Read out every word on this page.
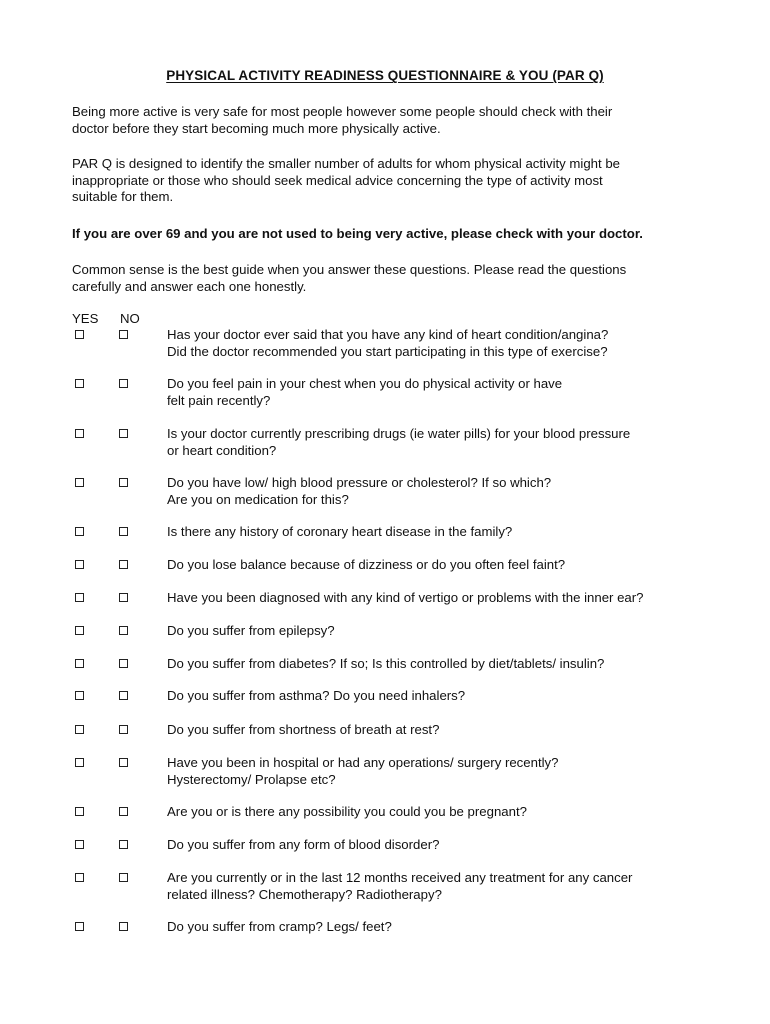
PHYSICAL ACTIVITY READINESS QUESTIONNAIRE & YOU (PAR Q)
Being more active is very safe for most people however some people should check with their
doctor before they start becoming much more physically active.
PAR Q is designed to identify the smaller number of adults for whom physical activity might be
inappropriate or those who should seek medical advice concerning the type of activity most
suitable for them.
If you are over 69 and you are not used to being very active, please check with your doctor.
Common sense is the best guide when you answer these questions. Please read the questions
carefully and answer each one honestly.
YES NO
Has your doctor ever said that you have any kind of heart condition/angina?
Did the doctor recommended you start participating in this type of exercise?
Do you feel pain in your chest when you do physical activity or have
felt pain recently?
Is your doctor currently prescribing drugs (ie water pills) for your blood pressure
or heart condition?
Do you have low/ high blood pressure or cholesterol? If so which?
Are you on medication for this?
Is there any history of coronary heart disease in the family?
Do you lose balance because of dizziness or do you often feel faint?
Have you been diagnosed with any kind of vertigo or problems with the inner ear?
Do you suffer from epilepsy?
Do you suffer from diabetes? If so; Is this controlled by diet/tablets/ insulin?
Do you suffer from asthma? Do you need inhalers?
Do you suffer from shortness of breath at rest?
Have you been in hospital or had any operations/ surgery recently?
Hysterectomy/ Prolapse etc?
Are you or is there any possibility you could you be pregnant?
Do you suffer from any form of blood disorder?
Are you currently or in the last 12 months received any treatment for any cancer
related illness? Chemotherapy? Radiotherapy?
Do you suffer from cramp? Legs/ feet?
